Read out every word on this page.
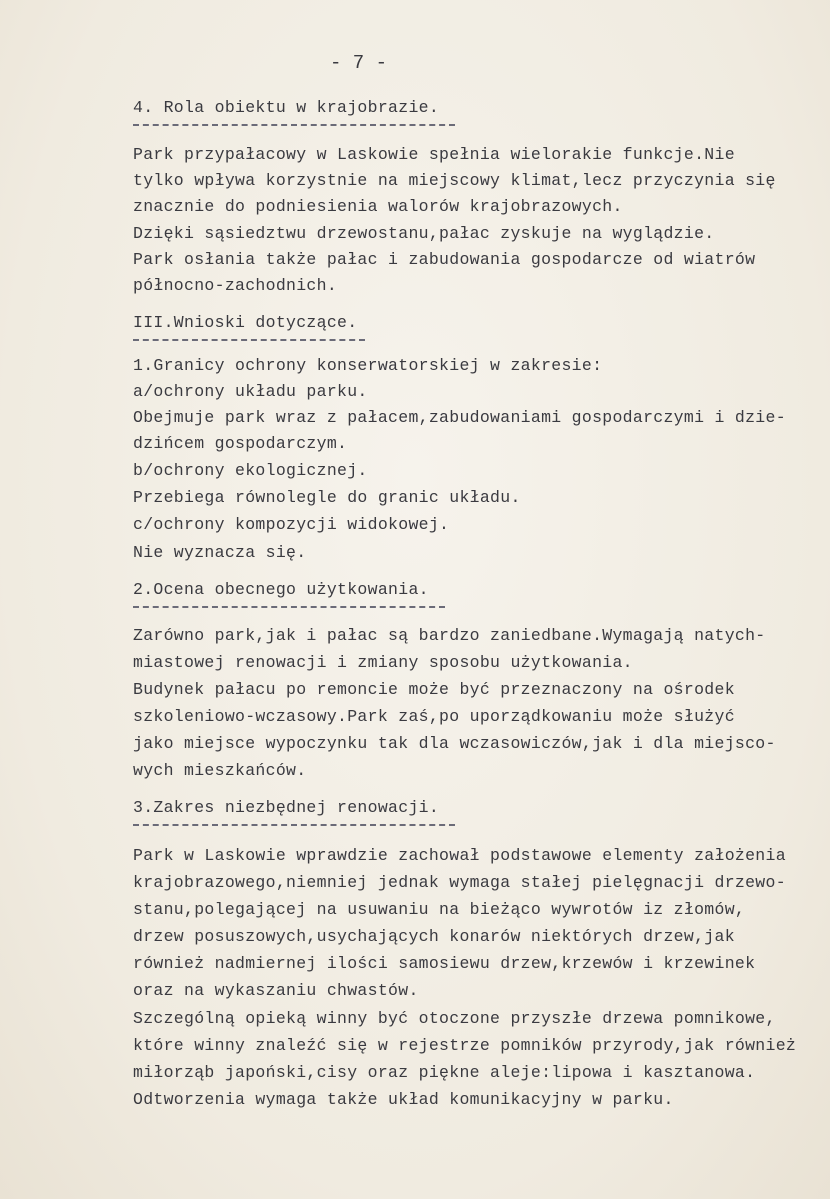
- 7 -
4. Rola obiektu w krajobrazie.
Park przypałacowy w Laskowie spełnia wielorakie funkcje.Nie
tylko wpływa korzystnie na miejscowy klimat,lecz przyczynia się
znacznie do podniesienia walorów krajobrazowych.
Dzięki sąsiedztwu drzewostanu,pałac zyskuje na wyglądzie.
Park osłania także pałac i zabudowania gospodarcze od wiatrów
północno-zachodnich.
III.Wnioski dotyczące.
1.Granicy ochrony konserwatorskiej w zakresie:
a/ochrony układu parku.
Obejmuje park wraz z pałacem,zabudowaniami gospodarczymi i dzie-
dzińcem gospodarczym.
b/ochrony ekologicznej.
Przebiega równolegle do granic układu.
c/ochrony kompozycji widokowej.
Nie wyznacza się.
2.Ocena obecnego użytkowania.
Zarówno park,jak i pałac są bardzo zaniedbane.Wymagają natych-
miastowej renowacji i zmiany sposobu użytkowania.
Budynek pałacu po remoncie może być przeznaczony na ośrodek
szkoleniowo-wczasowy.Park zaś,po uporządkowaniu może służyć
jako miejsce wypoczynku tak dla wczasowiczów,jak i dla miejsco-
wych mieszkańców.
3.Zakres niezbędnej renowacji.
Park w Laskowie wprawdzie zachował podstawowe elementy założenia
krajobrazowego,niemniej jednak wymaga stałej pielęgnacji drzewo-
stanu,polegającej na usuwaniu na bieżąco wywrotów iz złomów,
drzew posuszowych,usychających konarów niektórych drzew,jak
również nadmiernej ilości samosiewu drzew,krzewów i krzewinek
oraz na wykaszaniu chwastów.
Szczególną opieką winny być otoczone przyszłe drzewa pomnikowe,
które winny znaleźć się w rejestrze pomników przyrody,jak również
miłorząb japoński,cisy oraz piękne aleje:lipowa i kasztanowa.
Odtworzenia wymaga także układ komunikacyjny w parku.
